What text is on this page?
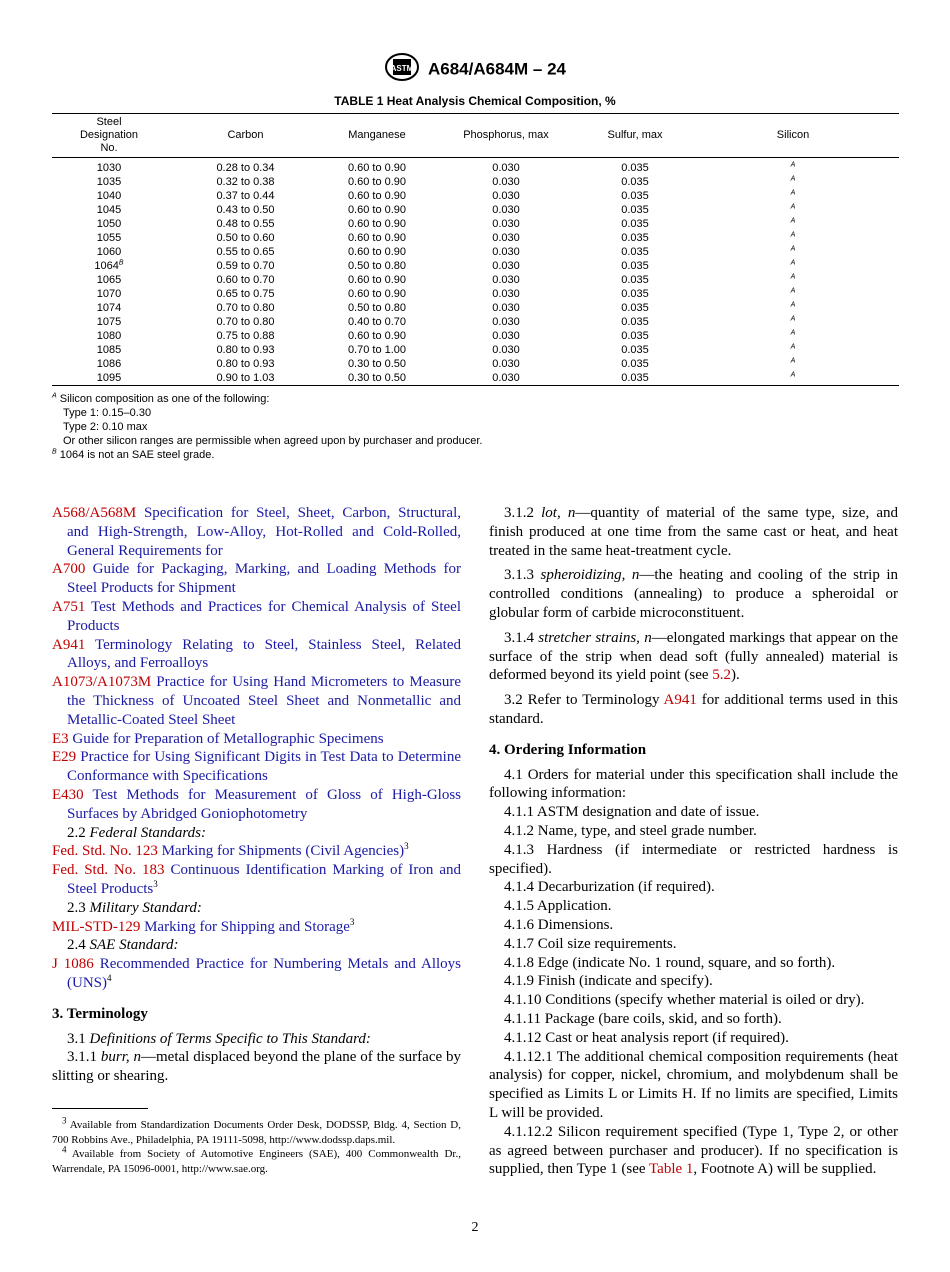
ASTM A684/A684M – 24
TABLE 1 Heat Analysis Chemical Composition, %
Steel
Designation
No.	Carbon	Manganese	Phosphorus, max	Sulfur, max	Silicon
1030	0.28 to 0.34	0.60 to 0.90	0.030	0.035	$^A$
1035	0.32 to 0.38	0.60 to 0.90	0.030	0.035	$^A$
1040	0.37 to 0.44	0.60 to 0.90	0.030	0.035	$^A$
1045	0.43 to 0.50	0.60 to 0.90	0.030	0.035	$^A$
1050	0.48 to 0.55	0.60 to 0.90	0.030	0.035	$^A$
1055	0.50 to 0.60	0.60 to 0.90	0.030	0.035	$^A$
1060	0.55 to 0.65	0.60 to 0.90	0.030	0.035	$^A$
$1064^B$	0.59 to 0.70	0.50 to 0.80	0.030	0.035	$^A$
1065	0.60 to 0.70	0.60 to 0.90	0.030	0.035	$^A$
1070	0.65 to 0.75	0.60 to 0.90	0.030	0.035	$^A$
1074	0.70 to 0.80	0.50 to 0.80	0.030	0.035	$^A$
1075	0.70 to 0.80	0.40 to 0.70	0.030	0.035	$^A$
1080	0.75 to 0.88	0.60 to 0.90	0.030	0.035	$^A$
1085	0.80 to 0.93	0.70 to 1.00	0.030	0.035	$^A$
1086	0.80 to 0.93	0.30 to 0.50	0.030	0.035	$^A$
1095	0.90 to 1.03	0.30 to 0.50	0.030	0.035	$^A$
$^A$ Silicon composition as one of the following:
Type 1: 0.15–0.30
Type 2: 0.10 max
Or other silicon ranges are permissible when agreed upon by purchaser and producer.
$^B$ 1064 is not an SAE steel grade.
A568/A568M Specification for Steel, Sheet, Carbon, Structural, and High-Strength, Low-Alloy, Hot-Rolled and Cold-Rolled, General Requirements for
A700 Guide for Packaging, Marking, and Loading Methods for Steel Products for Shipment
A751 Test Methods and Practices for Chemical Analysis of Steel Products
A941 Terminology Relating to Steel, Stainless Steel, Related Alloys, and Ferroalloys
A1073/A1073M Practice for Using Hand Micrometers to Measure the Thickness of Uncoated Steel Sheet and Nonmetallic and Metallic-Coated Steel Sheet
E3 Guide for Preparation of Metallographic Specimens
E29 Practice for Using Significant Digits in Test Data to Determine Conformance with Specifications
E430 Test Methods for Measurement of Gloss of High-Gloss Surfaces by Abridged Goniophotometry

2.2 Federal Standards:

Fed. Std. No. 123 Marking for Shipments (Civil Agencies)$^3$
Fed. Std. No. 183 Continuous Identification Marking of Iron and Steel Products$^3$

2.3 Military Standard:

MIL-STD-129 Marking for Shipping and Storage$^3$

2.4 SAE Standard:

J 1086 Recommended Practice for Numbering Metals and Alloys (UNS)$^4$
3. Terminology

3.1 Definitions of Terms Specific to This Standard:

3.1.1 burr, n—metal displaced beyond the plane of the surface by slitting or shearing.

3.1.2 lot, n—quantity of material of the same type, size, and finish produced at one time from the same cast or heat, and heat treated in the same heat-treatment cycle.

3.1.3 spheroidizing, n—the heating and cooling of the strip in controlled conditions (annealing) to produce a spheroidal or globular form of carbide microconstituent.

3.1.4 stretcher strains, n—elongated markings that appear on the surface of the strip when dead soft (fully annealed) material is deformed beyond its yield point (see 5.2).

3.2 Refer to Terminology A941 for additional terms used in this standard.

4. Ordering Information

4.1 Orders for material under this specification shall include the following information:

4.1.1 ASTM designation and date of issue.

4.1.2 Name, type, and steel grade number.

4.1.3 Hardness (if intermediate or restricted hardness is specified).

4.1.4 Decarburization (if required).

4.1.5 Application.

4.1.6 Dimensions.

4.1.7 Coil size requirements.

4.1.8 Edge (indicate No. 1 round, square, and so forth).

4.1.9 Finish (indicate and specify).

4.1.10 Conditions (specify whether material is oiled or dry).

4.1.11 Package (bare coils, skid, and so forth).

4.1.12 Cast or heat analysis report (if required).

4.1.12.1 The additional chemical composition requirements (heat analysis) for copper, nickel, chromium, and molybdenum shall be specified as Limits L or Limits H. If no limits are specified, Limits L will be provided.

4.1.12.2 Silicon requirement specified (Type 1, Type 2, or other as agreed between purchaser and producer). If no specification is supplied, then Type 1 (see Table 1, Footnote A) will be supplied.

$^3$ Available from Standardization Documents Order Desk, DODSSP, Bldg. 4, Section D, 700 Robbins Ave., Philadelphia, PA 19111-5098, http://www.dodssp.daps.mil.
$^4$ Available from Society of Automotive Engineers (SAE), 400 Commonwealth Dr., Warrendale, PA 15096-0001, http://www.sae.org.
2
